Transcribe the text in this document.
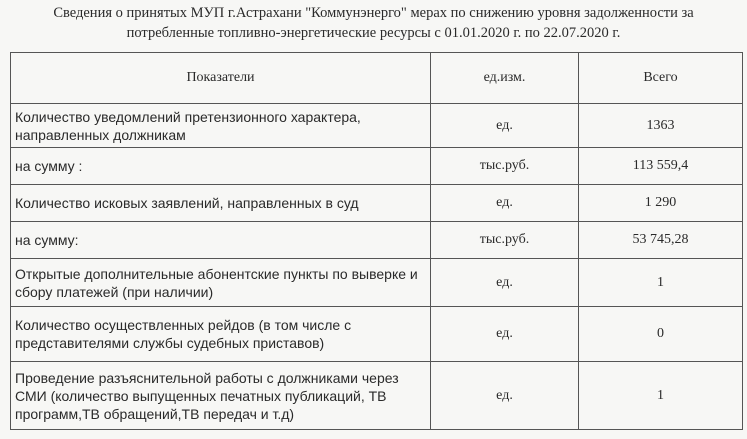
Сведения о принятых МУП г.Астрахани "Коммунэнерго" мерах по снижению уровня задолженности за
потребленные топливно-энергетические ресурсы с 01.01.2020 г. по 22.07.2020 г.
Показатели	ед.изм.	Всего
Количество уведомлений претензионного характера, направленных должникам	ед.	1363
на сумму :	тыс.руб.	113 559,4
Количество исковых заявлений, направленных в суд	ед.	1 290
на сумму:	тыс.руб.	53 745,28
Открытые дополнительные абонентские пункты по выверке и сбору платежей (при наличии)	ед.	1
Количество осуществленных рейдов (в том числе с представителями службы судебных приставов)	ед.	0
Проведение разъяснительной работы с должниками через СМИ (количество выпущенных печатных публикаций, ТВ программ,ТВ обращений,ТВ передач и т.д)	ед.	1
